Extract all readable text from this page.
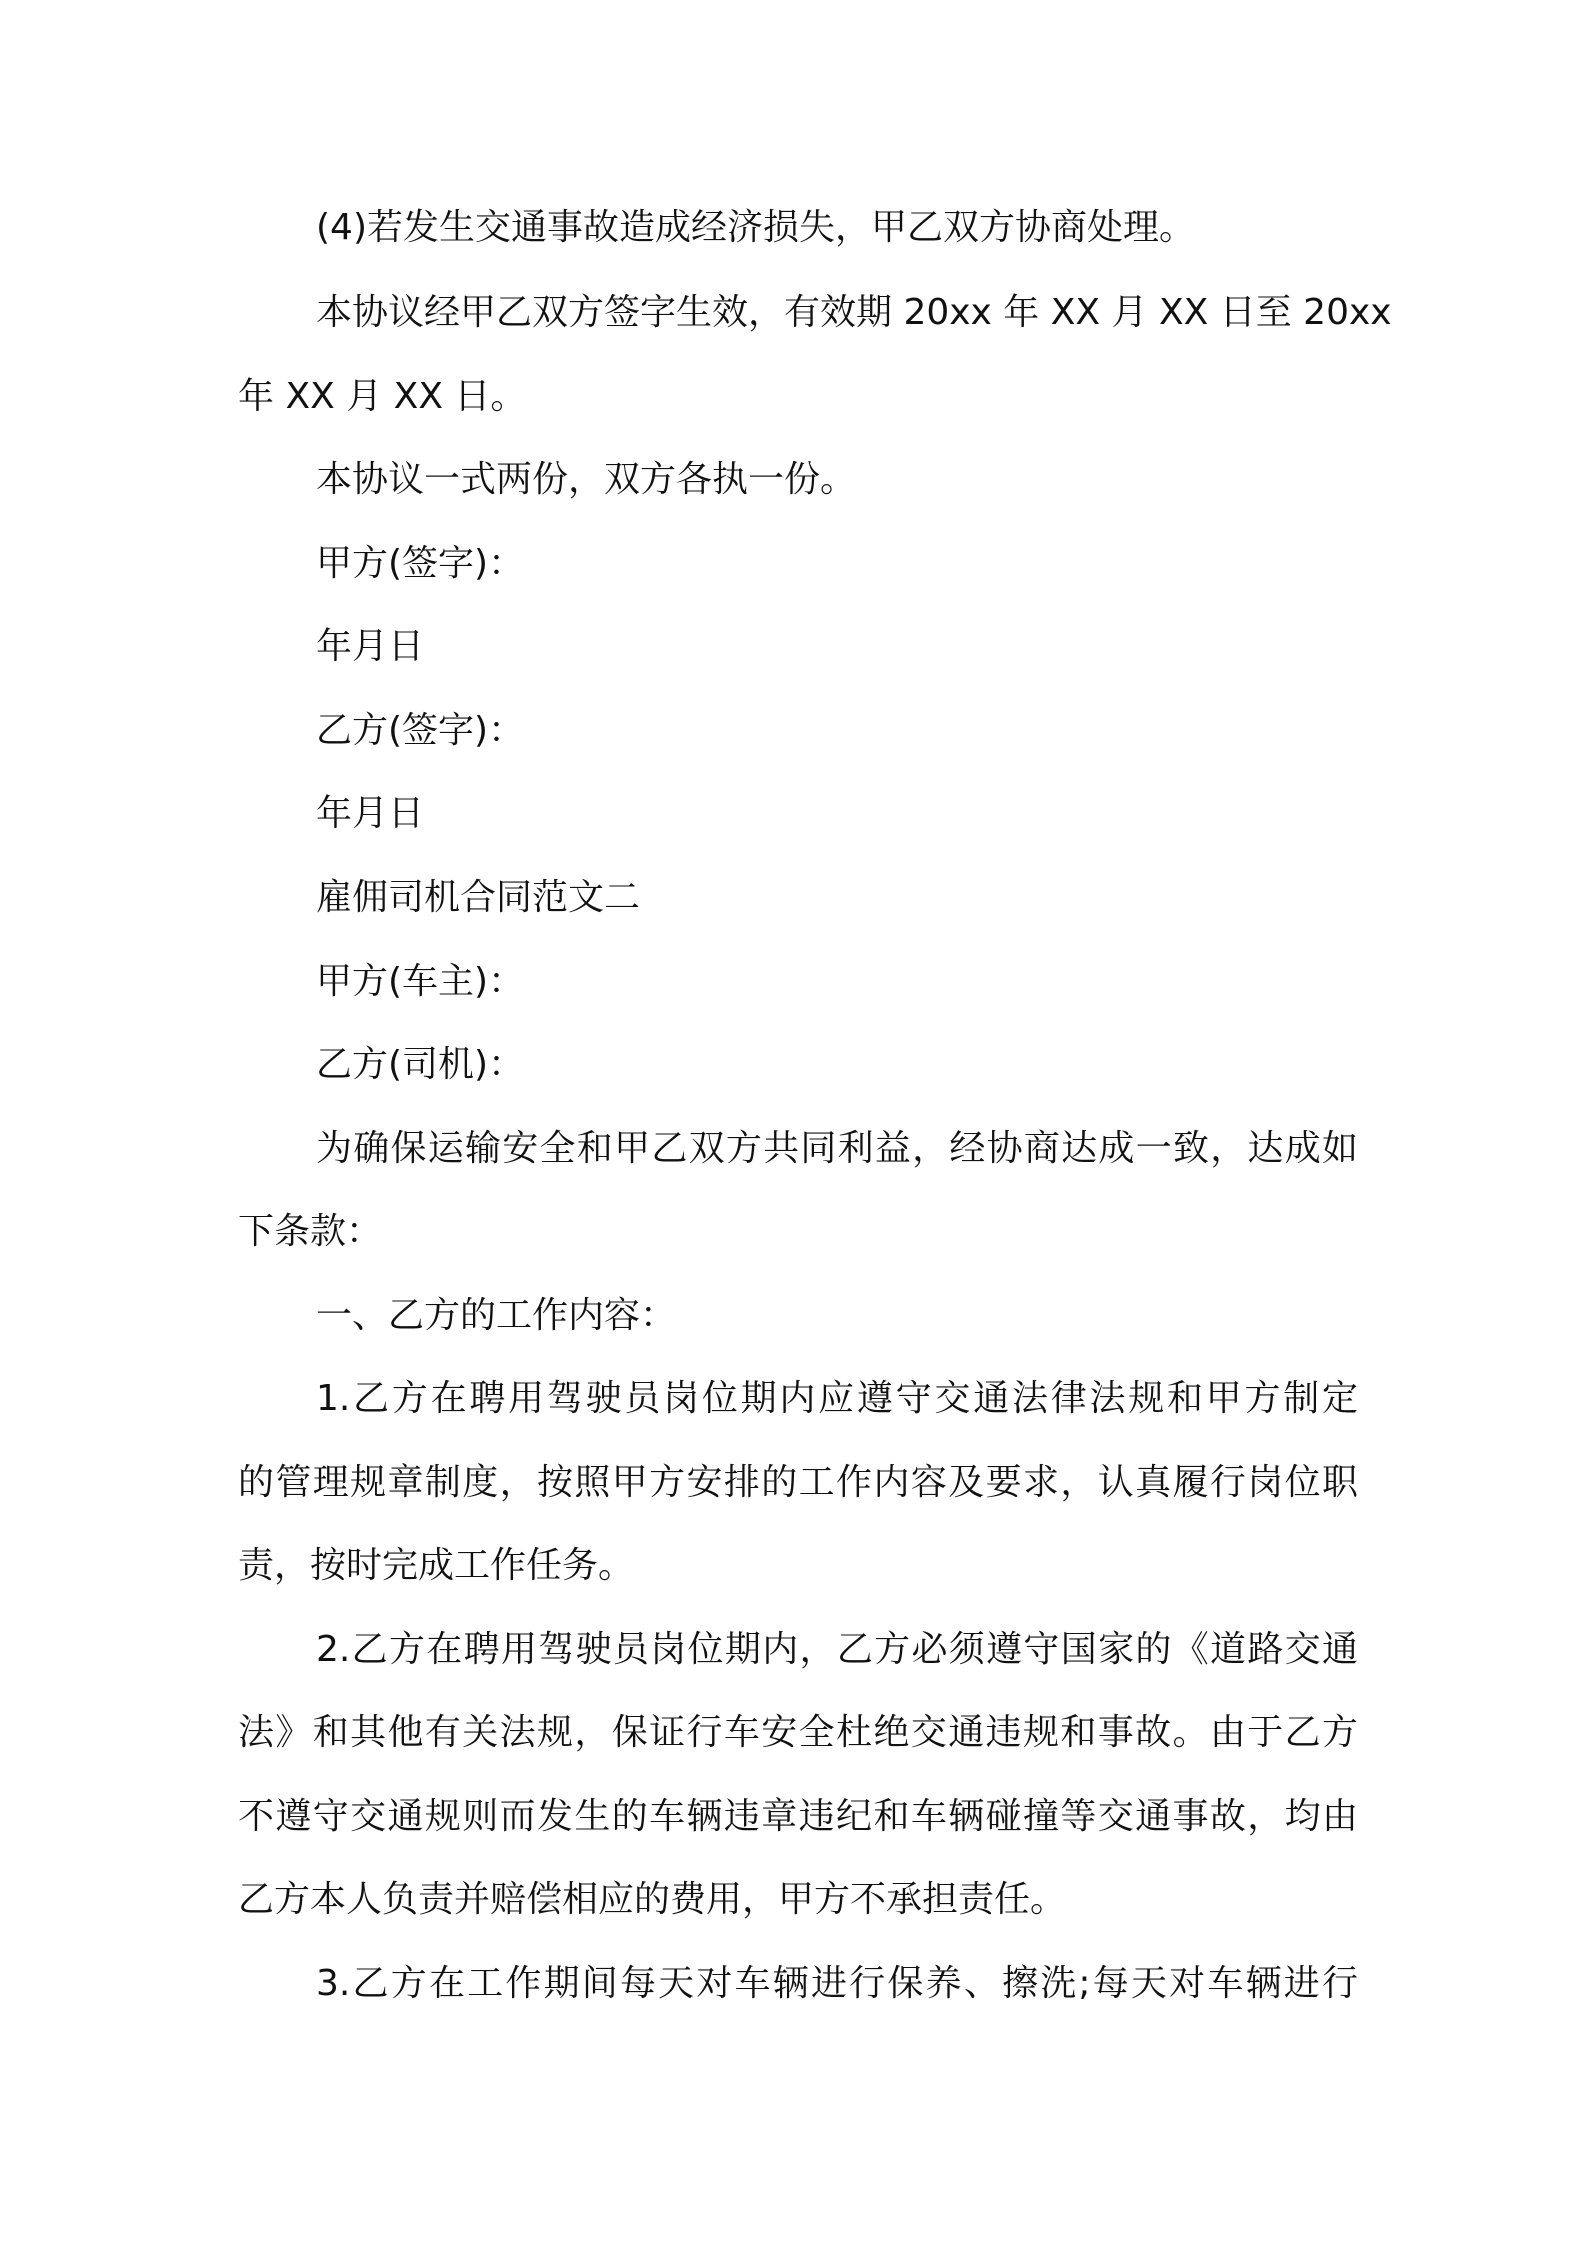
(4)若发生交通事故造成经济损失，甲乙双方协商处理。
本协议经甲乙双方签字生效，有效期 20xx 年 XX 月 XX 日至 20xx
年 XX 月 XX 日。
本协议一式两份，双方各执一份。
甲方(签字)：
年月日
乙方(签字)：
年月日
雇佣司机合同范文二
甲方(车主)：
乙方(司机)：
为确保运输安全和甲乙双方共同利益，经协商达成一致，达成如
下条款：
一、乙方的工作内容：
1.乙方在聘用驾驶员岗位期内应遵守交通法律法规和甲方制定
的管理规章制度，按照甲方安排的工作内容及要求，认真履行岗位职
责，按时完成工作任务。
2.乙方在聘用驾驶员岗位期内，乙方必须遵守国家的《道路交通
法》和其他有关法规，保证行车安全杜绝交通违规和事故。由于乙方
不遵守交通规则而发生的车辆违章违纪和车辆碰撞等交通事故，均由
乙方本人负责并赔偿相应的费用，甲方不承担责任。
3.乙方在工作期间每天对车辆进行保养、擦洗;每天对车辆进行
